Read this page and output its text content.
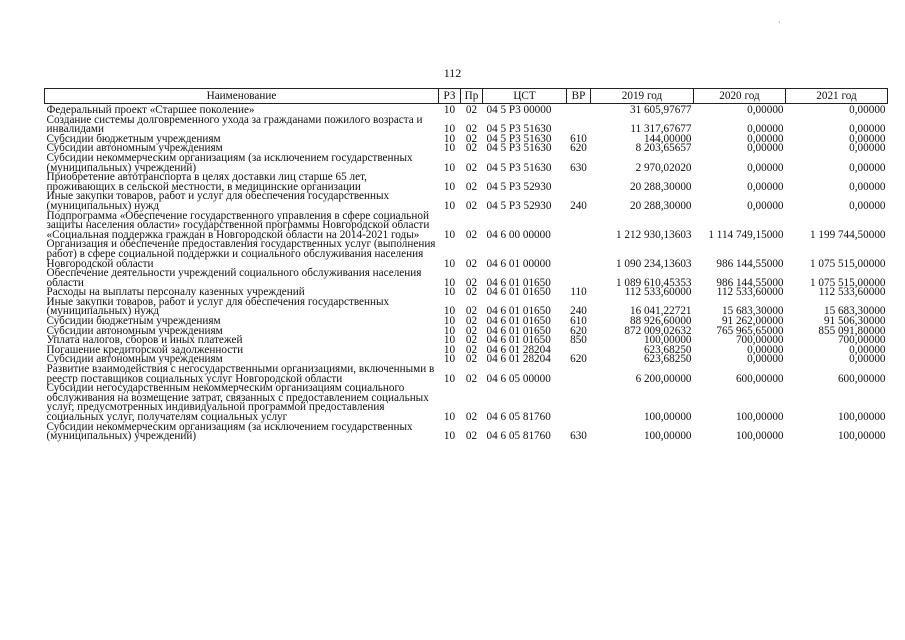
112
·
Наименование	РЗ	Пр	ЦСТ	ВР	2019 год	2020 год	2021 год
Федеральный проект «Старшее поколение»	10	02	04 5 P3 00000		31 605,97677	0,00000	0,00000
Создание системы долговременного ухода за гражданами пожилого возраста и инвалидами	10	02	04 5 P3 51630		11 317,67677	0,00000	0,00000
Субсидии бюджетным учреждениям	10	02	04 5 P3 51630	610	144,00000	0,00000	0,00000
Субсидии автономным учреждениям	10	02	04 5 P3 51630	620	8 203,65657	0,00000	0,00000
Субсидии некоммерческим организациям (за исключением государственных (муниципальных) учреждений)	10	02	04 5 P3 51630	630	2 970,02020	0,00000	0,00000
Приобретение автотранспорта в целях доставки лиц старше 65 лет, проживающих в сельской местности, в медицинские организации	10	02	04 5 P3 52930		20 288,30000	0,00000	0,00000
Иные закупки товаров, работ и услуг для обеспечения государственных (муниципальных) нужд	10	02	04 5 P3 52930	240	20 288,30000	0,00000	0,00000
Подпрограмма «Обеспечение государственного управления в сфере социальной защиты населения области» государственной программы Новгородской области «Социальная поддержка граждан в Новгородской области на 2014-2021 годы»	10	02	04 6 00 00000		1 212 930,13603	1 114 749,15000	1 199 744,50000
Организация и обеспечение предоставления государственных услуг (выполнения работ) в сфере социальной поддержки и социального обслуживания населения Новгородской области	10	02	04 6 01 00000		1 090 234,13603	986 144,55000	1 075 515,00000
Обеспечение деятельности учреждений социального обслуживания населения области	10	02	04 6 01 01650		1 089 610,45353	986 144,55000	1 075 515,00000
Расходы на выплаты персоналу казенных учреждений	10	02	04 6 01 01650	110	112 533,60000	112 533,60000	112 533,60000
Иные закупки товаров, работ и услуг для обеспечения государственных (муниципальных) нужд	10	02	04 6 01 01650	240	16 041,22721	15 683,30000	15 683,30000
Субсидии бюджетным учреждениям	10	02	04 6 01 01650	610	88 926,60000	91 262,00000	91 506,30000
Субсидии автономным учреждениям	10	02	04 6 01 01650	620	872 009,02632	765 965,65000	855 091,80000
Уплата налогов, сборов и иных платежей	10	02	04 6 01 01650	850	100,00000	700,00000	700,00000
Погашение кредиторской задолженности	10	02	04 6 01 28204		623,68250	0,00000	0,00000
Субсидии автономным учреждениям	10	02	04 6 01 28204	620	623,68250	0,00000	0,00000
Развитие взаимодействия с негосударственными организациями, включенными в реестр поставщиков социальных услуг Новгородской области	10	02	04 6 05 00000		6 200,00000	600,00000	600,00000
Субсидии негосударственным некоммерческим организациям социального обслуживания на возмещение затрат, связанных с предоставлением социальных услуг, предусмотренных индивидуальной программой предоставления социальных услуг, получателям социальных услуг	10	02	04 6 05 81760		100,00000	100,00000	100,00000
Субсидии некоммерческим организациям (за исключением государственных (муниципальных) учреждений)	10	02	04 6 05 81760	630	100,00000	100,00000	100,00000
